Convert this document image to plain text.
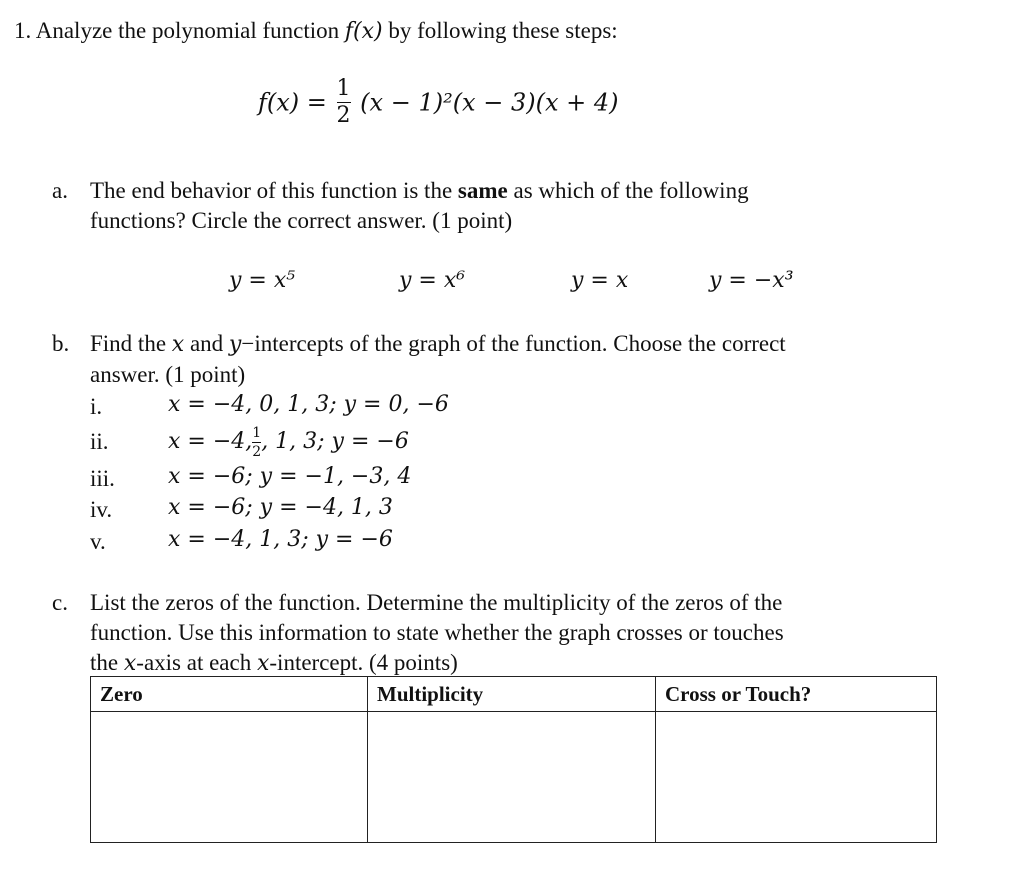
1. Analyze the polynomial function f(x) by following these steps:
$f(x) = \frac{1}{2} (x - 1)^2(x - 3)(x + 4)$
a. The end behavior of this function is the same as which of the following
functions? Circle the correct answer. (1 point)
y = x⁵	y = x⁶	y = x	y = −x³
b. Find the x and y−intercepts of the graph of the function. Choose the correct
answer. (1 point)
i.	x = −4, 0, 1, 3; y = 0, −6
ii.	x = −4, $\frac{1}{2}$ , 1, 3; y = −6
iii. x = −6; y = −1, −3, 4
iv.	x = −6; y = −4, 1, 3
v.	x = −4, 1, 3; y = −6
c. List the zeros of the function. Determine the multiplicity of the zeros of the
function. Use this information to state whether the graph crosses or touches
the x-axis at each x-intercept. (4 points)
Zero	Multiplicity	Cross or Touch?
